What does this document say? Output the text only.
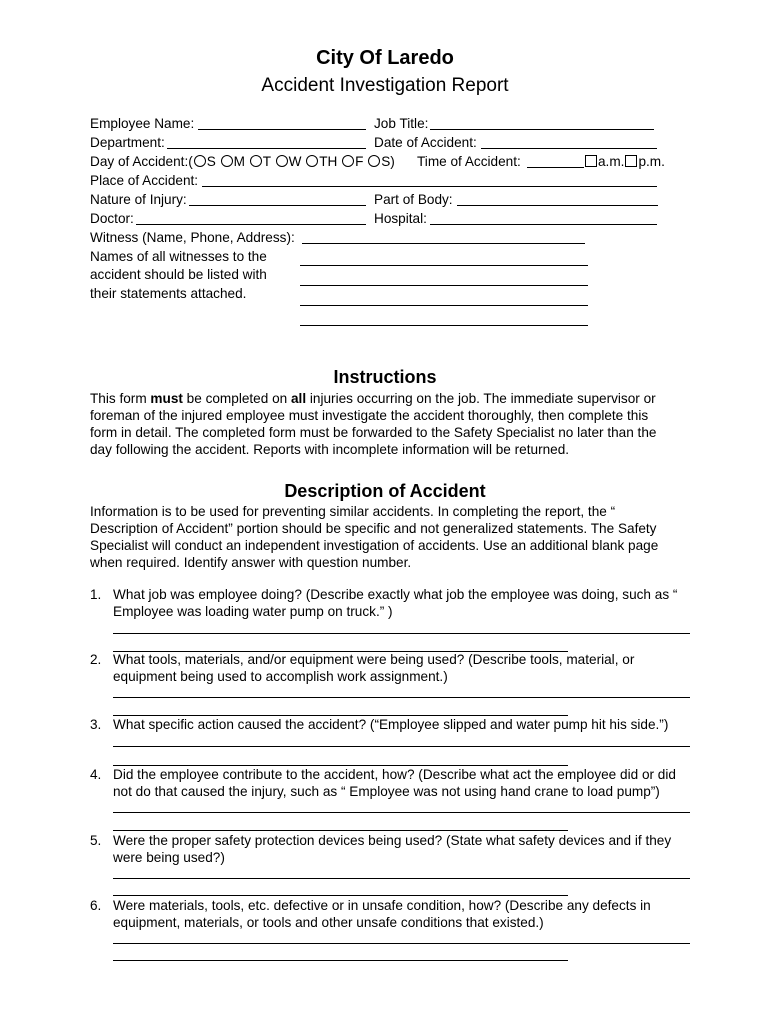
City Of Laredo
Accident Investigation Report
Employee Name:	Job Title:
Department:	Date of Accident:
Day of Accident:( S M T W TH F S) Time of Accident:	a.m. p.m.
Place of Accident:
Nature of Injury:	Part of Body:
Doctor:	Hospital:
Witness (Name, Phone, Address):
Names of all witnesses to the
accident should be listed with
their statements attached.
Instructions
This form must be completed on all injuries occurring on the job. The immediate supervisor or
foreman of the injured employee must investigate the accident thoroughly, then complete this
form in detail. The completed form must be forwarded to the Safety Specialist no later than the
day following the accident. Reports with incomplete information will be returned.
Description of Accident
Information is to be used for preventing similar accidents. In completing the report, the “
Description of Accident” portion should be specific and not generalized statements. The Safety
Specialist will conduct an independent investigation of accidents. Use an additional blank page
when required. Identify answer with question number.
1. What job was employee doing? (Describe exactly what job the employee was doing, such as “
Employee was loading water pump on truck.” )
2. What tools, materials, and/or equipment were being used? (Describe tools, material, or
equipment being used to accomplish work assignment.)
3. What specific action caused the accident? (“Employee slipped and water pump hit his side.”)
4. Did the employee contribute to the accident, how? (Describe what act the employee did or did
not do that caused the injury, such as “ Employee was not using hand crane to load pump”)
5. Were the proper safety protection devices being used? (State what safety devices and if they
were being used?)
6. Were materials, tools, etc. defective or in unsafe condition, how? (Describe any defects in
equipment, materials, or tools and other unsafe conditions that existed.)
